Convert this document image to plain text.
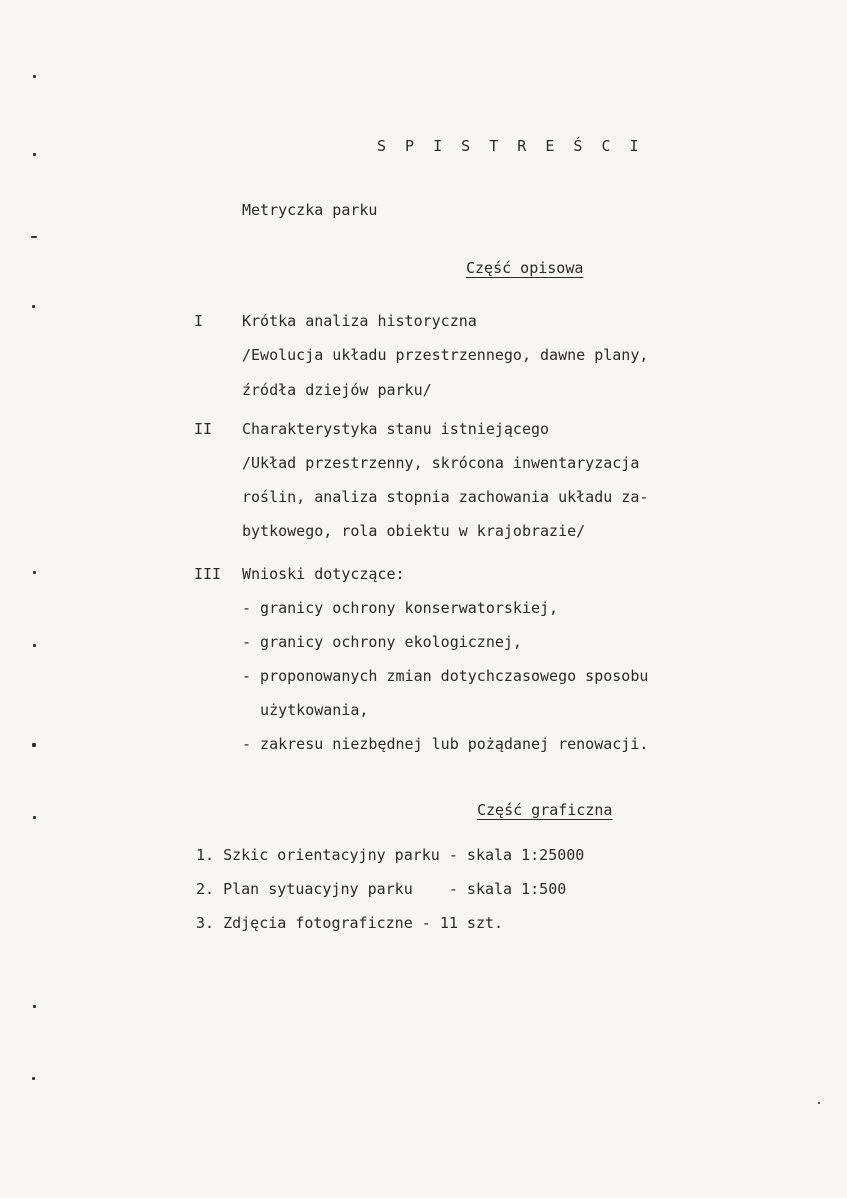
S P I S T R E Ś C I
Metryczka parku
Część opisowa
I	Krótka analiza historyczna
/Ewolucja układu przestrzennego, dawne plany,
źródła dziejów parku/
II Charakterystyka stanu istniejącego
/Układ przestrzenny, skrócona inwentaryzacja
roślin, analiza stopnia zachowania układu za-
bytkowego, rola obiektu w krajobrazie/
III Wnioski dotyczące:
- granicy ochrony konserwatorskiej,
- granicy ochrony ekologicznej,
- proponowanych zmian dotychczasowego sposobu
użytkowania,
- zakresu niezbędnej lub pożądanej renowacji.
Część graficzna
1. Szkic orientacyjny parku - skala 1:25000
2. Plan sytuacyjny parku    - skala 1:500
3. Zdjęcia fotograficzne - 11 szt.
